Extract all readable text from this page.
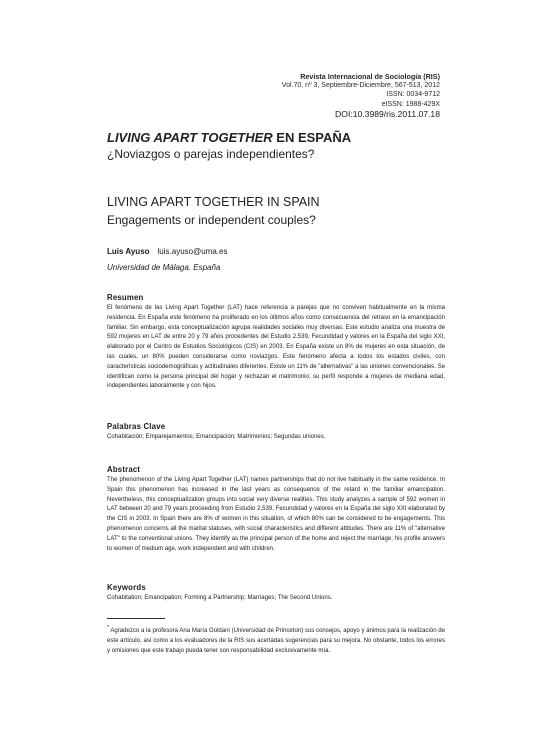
Revista Internacional de Sociología (RIS)
Vol.70, nº 3, Septiembre-Diciembre, 567-513, 2012
ISSN: 0034-9712
eISSN: 1988-429X
DOI:10.3989/ris.2011.07.18
LIVING APART TOGETHER EN ESPAÑA
¿Noviazgos o parejas independientes?
LIVING APART TOGETHER IN SPAIN
Engagements or independent couples?
Luis Ayuso luis.ayuso@uma.es
Universidad de Málaga. España
Resumen

El fenómeno de las Living Apart Together (LAT) hace referencia a parejas que no conviven habitualmente en la misma residencia. En España este fenómeno ha proliferado en los últimos años como consecuencia del retraso en la emancipación familiar. Sin embargo, esta conceptualización agrupa realidades sociales muy diversas. Este estudio analiza una muestra de 592 mujeres en LAT de entre 20 y 79 años procedentes del Estudio 2.539, Fecundidad y valores en la España del siglo XXI, elaborado por el Centro de Estudios Sociológicos (CIS) en 2003. En España existe un 8% de mujeres en esta situación, de las cuales, un 80% pueden considerarse como noviazgos. Este fenómeno afecta a todos los estados civiles, con características sociodemográficas y actitudinales diferentes. Existe un 11% de "alternativas" a las uniones convencionales. Se identifican como la persona principal del hogar y rechazan el matrimonio; su perfil responde a mujeres de mediana edad, independientes laboralmente y con hijos.

Palabras Clave

Cohabitación; Emparejamientos; Emancipación; Matrimonios; Segundas uniones.

Abstract

The phenomenon of the Living Apart Together (LAT) names partnerships that do not live habitually in the same residence. In Spain this phenomenon has increased in the last years as consequence of the retard in the familiar emancipation. Nevertheless, this conceptualization groups into social very diverse realities. This study analyzes a sample of 592 women in LAT between 20 and 79 years proceeding from Estudio 2,539, Fecundidad y valores en la España del siglo XXI elaborated by the CIS in 2003. In Spain there are 8% of women in this situation, of which 80% can be considered to be engagements. This phenomenon concerns all the marital statuses, with social characteristics and different attitudes. There are 11% of "alternative LAT" to the conventional unions. They identify as the principal person of the home and reject the marriage; his profile answers to women of medium age, work independent and with children.

Keywords

Cohabitation; Emancipation; Forming a Partnership; Marriages; The Second Unions.

* Agradezco a la profesora Ana María Goldani (Universidad de Princeton) sus consejos, apoyo y ánimos para la realización de este artículo, así como a los evaluadores de la RIS sus acertadas sugerencias para su mejora. No obstante, todos los errores y omisiones que este trabajo pueda tener son responsabilidad exclusivamente mía.
